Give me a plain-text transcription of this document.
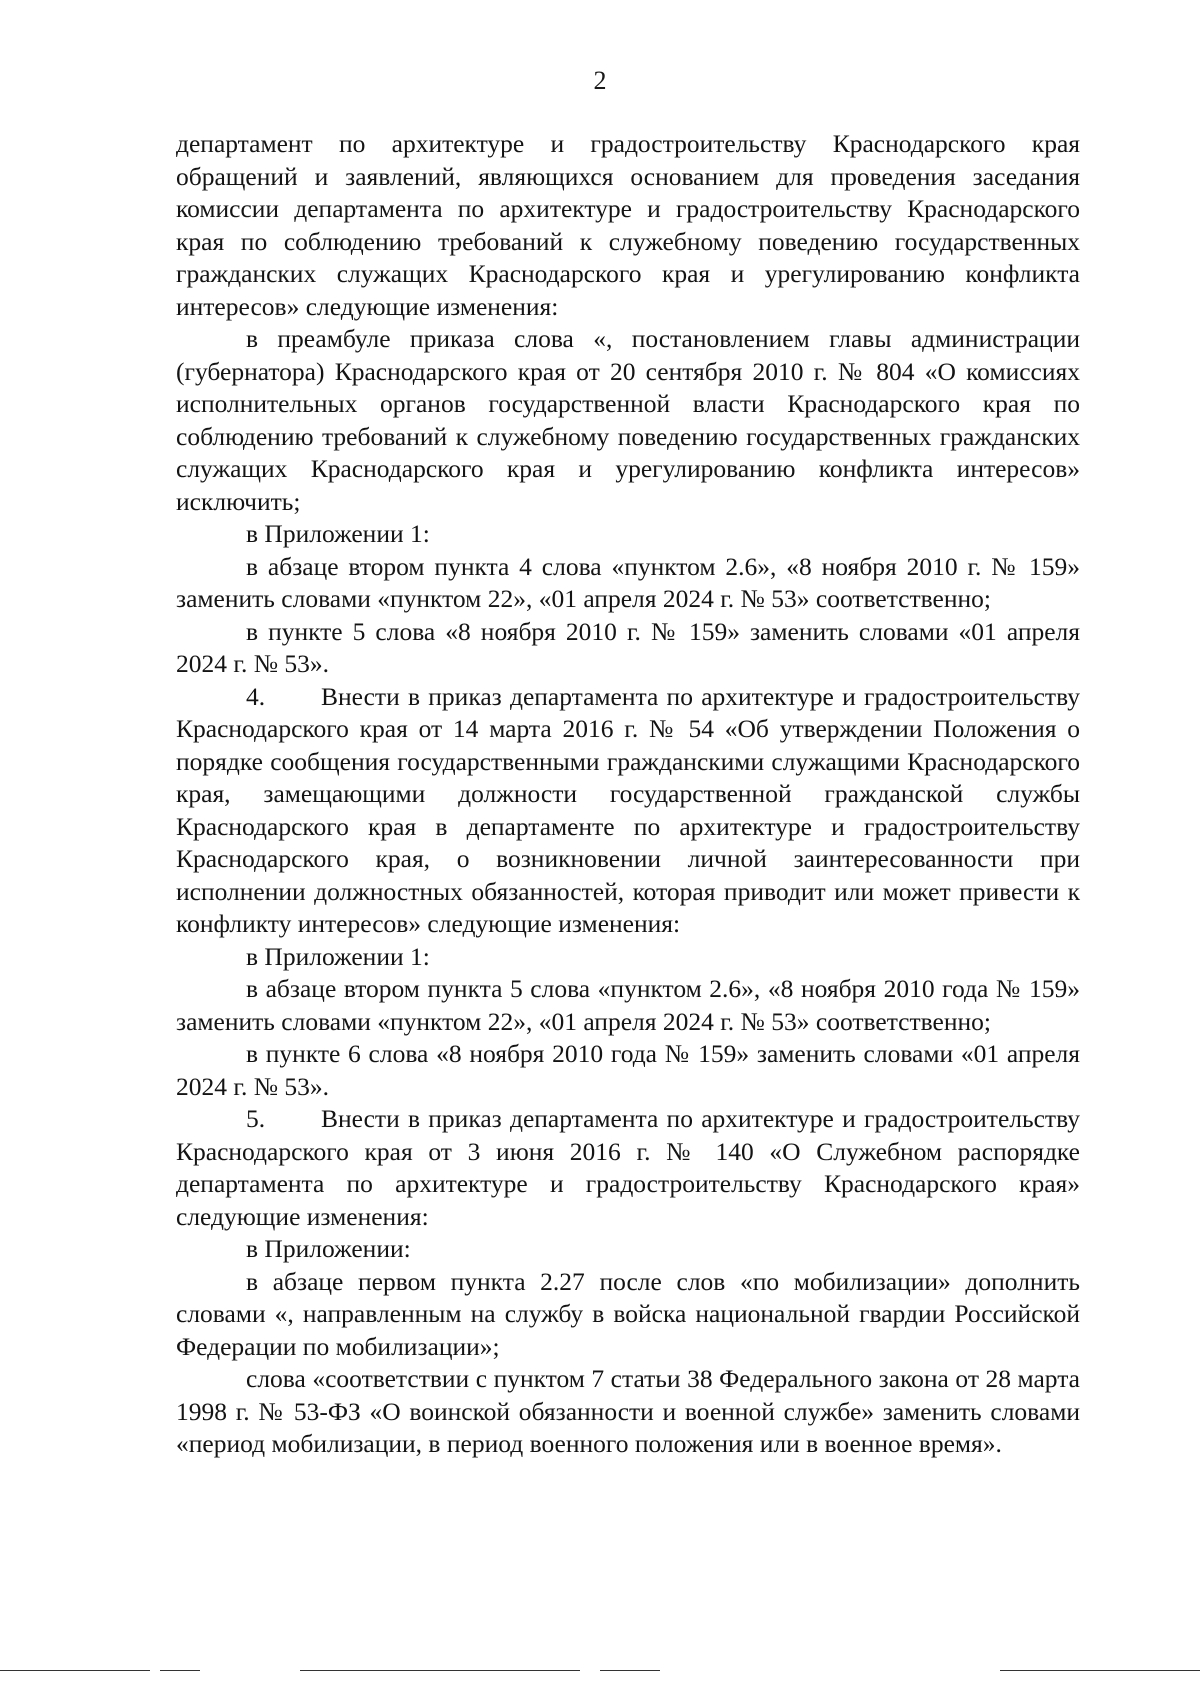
2

департамент по архитектуре и градостроительству Краснодарского края обращений и заявлений, являющихся основанием для проведения заседания комиссии департамента по архитектуре и градостроительству Краснодарского края по соблюдению требований к служебному поведению государственных гражданских служащих Краснодарского края и урегулированию конфликта интересов» следующие изменения:

в преамбуле приказа слова «, постановлением главы администрации (губернатора) Краснодарского края от 20 сентября 2010 г. № 804 «О комиссиях исполнительных органов государственной власти Краснодарского края по соблюдению требований к служебному поведению государственных гражданских служащих Краснодарского края и урегулированию конфликта интересов» исключить;

в Приложении 1:

в абзаце втором пункта 4 слова «пунктом 2.6», «8 ноября 2010 г. № 159» заменить словами «пунктом 22», «01 апреля 2024 г. № 53» соответственно;

в пункте 5 слова «8 ноября 2010 г. № 159» заменить словами «01 апреля 2024 г. № 53».

4. Внести в приказ департамента по архитектуре и градостроительству Краснодарского края от 14 марта 2016 г. № 54 «Об утверждении Положения о порядке сообщения государственными гражданскими служащими Краснодарского края, замещающими должности государственной гражданской службы Краснодарского края в департаменте по архитектуре и градостроительству Краснодарского края, о возникновении личной заинтересованности при исполнении должностных обязанностей, которая приводит или может привести к конфликту интересов» следующие изменения:

в Приложении 1:

в абзаце втором пункта 5 слова «пунктом 2.6», «8 ноября 2010 года № 159» заменить словами «пунктом 22», «01 апреля 2024 г. № 53» соответственно;

в пункте 6 слова «8 ноября 2010 года № 159» заменить словами «01 апреля 2024 г. № 53».

5. Внести в приказ департамента по архитектуре и градостроительству Краснодарского края от 3 июня 2016 г. № 140 «О Служебном распорядке департамента по архитектуре и градостроительству Краснодарского края» следующие изменения:

в Приложении:

в абзаце первом пункта 2.27 после слов «по мобилизации» дополнить словами «, направленным на службу в войска национальной гвардии Российской Федерации по мобилизации»;

слова «соответствии с пунктом 7 статьи 38 Федерального закона от 28 марта 1998 г. № 53-ФЗ «О воинской обязанности и военной службе» заменить словами «период мобилизации, в период военного положения или в военное время».
